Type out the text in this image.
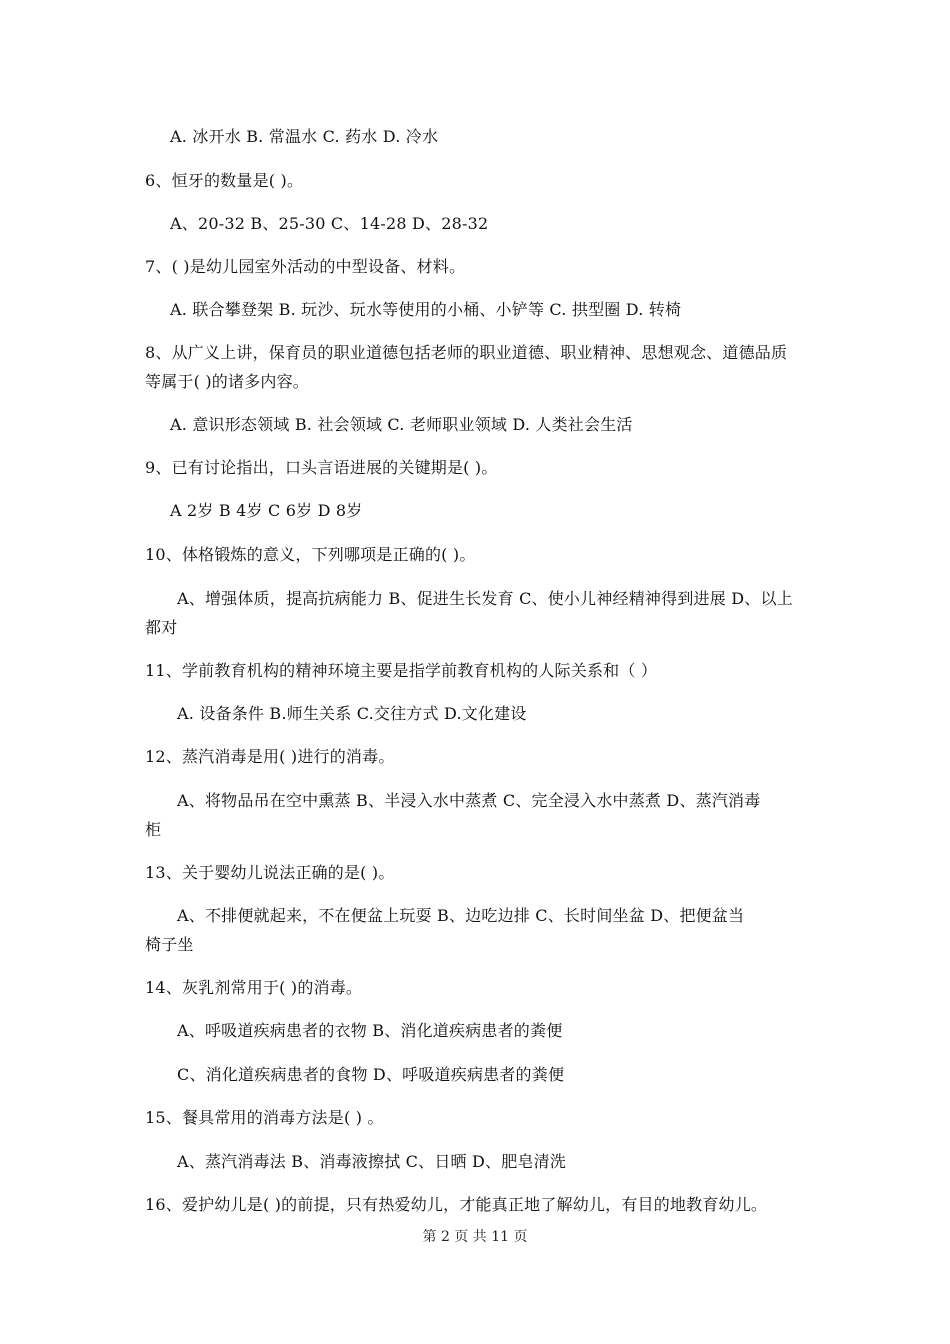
A. 冰开水 B. 常温水 C. 药水 D. 冷水
6、恒牙的数量是( )。
A、20-32 B、25-30 C、14-28 D、28-32
7、( )是幼儿园室外活动的中型设备、材料。
A. 联合攀登架 B. 玩沙、玩水等使用的小桶、小铲等 C. 拱型圈 D. 转椅
8、从广义上讲，保育员的职业道德包括老师的职业道德、职业精神、思想观念、道德品质
等属于( )的诸多内容。
A. 意识形态领域 B. 社会领域 C. 老师职业领域 D. 人类社会生活
9、已有讨论指出，口头言语进展的关键期是( )。
A 2岁 B 4岁 C 6岁 D 8岁
10、体格锻炼的意义，下列哪项是正确的( )。
A、增强体质，提高抗病能力 B、促进生长发育 C、使小儿神经精神得到进展 D、以上
都对
11、学前教育机构的精神环境主要是指学前教育机构的人际关系和（ ）
A. 设备条件 B.师生关系 C.交往方式 D.文化建设
12、蒸汽消毒是用( )进行的消毒。
A、将物品吊在空中熏蒸 B、半浸入水中蒸煮 C、完全浸入水中蒸煮 D、蒸汽消毒
柜
13、关于婴幼儿说法正确的是( )。
A、不排便就起来，不在便盆上玩耍 B、边吃边排 C、长时间坐盆 D、把便盆当
椅子坐
14、灰乳剂常用于( )的消毒。
A、呼吸道疾病患者的衣物 B、消化道疾病患者的粪便
C、消化道疾病患者的食物 D、呼吸道疾病患者的粪便
15、餐具常用的消毒方法是( ) 。
A、蒸汽消毒法 B、消毒液擦拭 C、日晒 D、肥皂清洗
16、爱护幼儿是( )的前提，只有热爱幼儿，才能真正地了解幼儿，有目的地教育幼儿。
第 2 页 共 11 页
